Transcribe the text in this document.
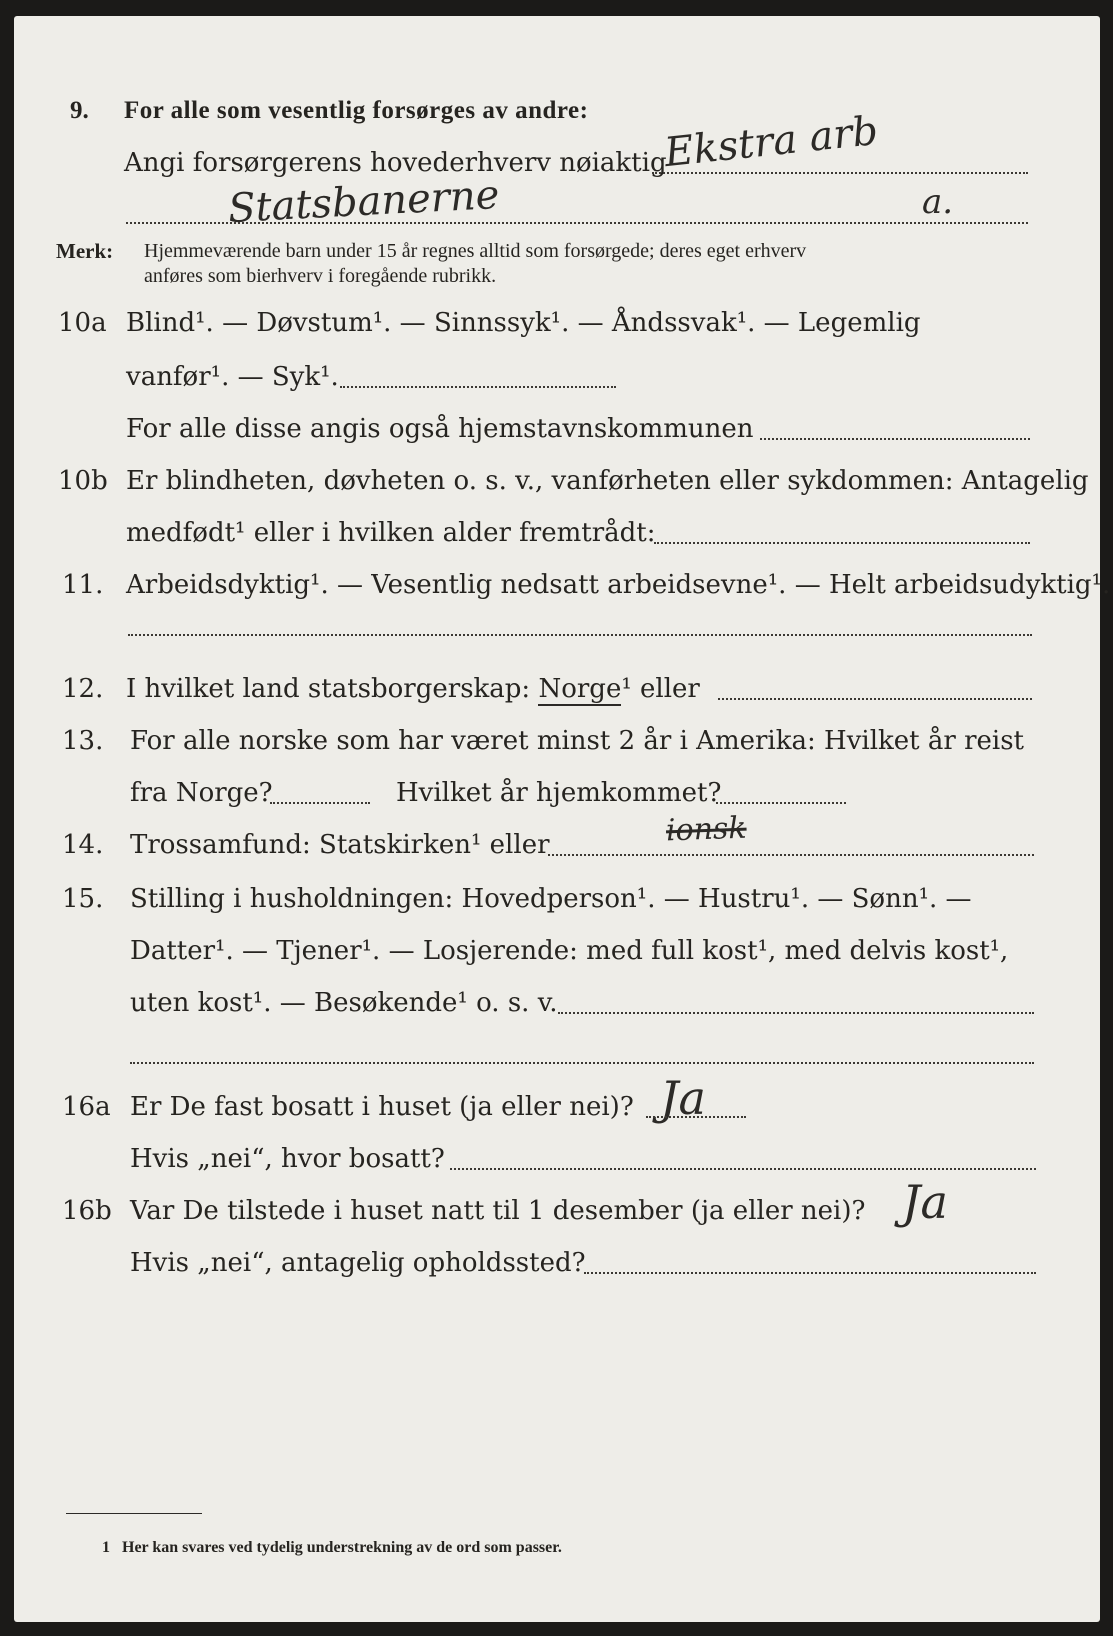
9. For alle som vesentlig forsørges av andre: Ekstra arb
Angi forsørgerens hovederhverv nøiaktig
Statsbanerne	a.
Merk: Hjemmeværende barn under 15 år regnes alltid som forsørgede; deres eget erhverv
anføres som bierhverv i foregående rubrikk.
10a Blind¹. — Døvstum¹. — Sinnssyk¹. — Åndssvak¹. — Legemlig
vanfør¹. — Syk¹.
For alle disse angis også hjemstavnskommunen
10b Er blindheten, døvheten o. s. v., vanførheten eller sykdommen: Antagelig
medfødt¹ eller i hvilken alder fremtrådt:
11. Arbeidsdyktig¹. — Vesentlig nedsatt arbeidsevne¹. — Helt arbeidsudyktig¹.
12. I hvilket land statsborgerskap: Norge¹ eller
13. For alle norske som har været minst 2 år i Amerika: Hvilket år reist
fra Norge?	Hvilket år hjemkommet?
14. Trossamfund: Statskirken¹ eller	ionsk
15. Stilling i husholdningen: Hovedperson¹. — Hustru¹. — Sønn¹. —
Datter¹. — Tjener¹. — Losjerende: med full kost¹, med delvis kost¹,
uten kost¹. — Besøkende¹ o. s. v.
16a Er De fast bosatt i huset (ja eller nei)? Ja
Hvis „nei“, hvor bosatt?
16b Var De tilstede i huset natt til 1 desember (ja eller nei)? Ja
Hvis „nei“, antagelig opholdssted?
1 Her kan svares ved tydelig understrekning av de ord som passer.
